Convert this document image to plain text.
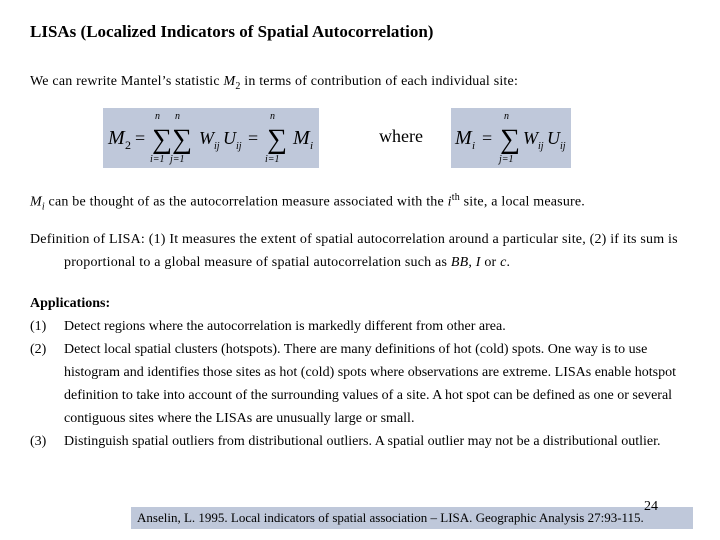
LISAs (Localized Indicators of Spatial Autocorrelation)

We can rewrite Mantel’s statistic $M_2$ in terms of contribution of each individual site:

M 2 =
n
∑
i=1
n
∑
j=1
W ij U ij =
n
∑
i=1
M i	where M i =
n
∑
j=1
W ij U ij

$M_i$ can be thought of as the autocorrelation measure associated with the $i^{th}$ site, a local measure.

Definition of LISA: (1) It measures the extent of spatial autocorrelation around a particular site, (2) if its sum is proportional to a global measure of spatial autocorrelation such as BB, I or c.

Applications:
(1)	Detect regions where the autocorrelation is markedly different from other area.
(2)	Detect local spatial clusters (hotspots). There are many definitions of hot (cold) spots. One way is to use histogram and identifies those sites as hot (cold) spots where observations are extreme. LISAs enable hotspot definition to take into account of the surrounding values of a site. A hot spot can be defined as one or several contiguous sites where the LISAs are unusually large or small.
(3)	Distinguish spatial outliers from distributional outliers. A spatial outlier may not be a distributional outlier.
Anselin, L. 1995. Local indicators of spatial association – LISA. Geographic Analysis 27:93-115.
24
